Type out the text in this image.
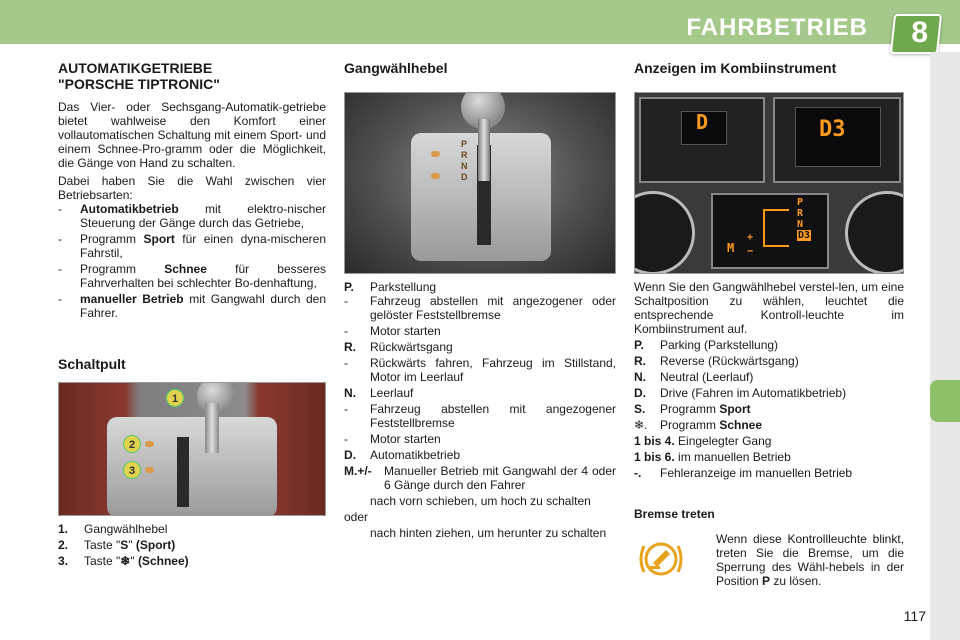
FAHRBETRIEB 8
AUTOMATIKGETRIEBE
"PORSCHE TIPTRONIC"

Das Vier- oder Sechsgang-Automatik-getriebe bietet wahlweise den Komfort einer vollautomatischen Schaltung mit einem Sport- und einem Schnee-Pro-gramm oder die Möglichkeit, die Gänge von Hand zu schalten.

Dabei haben Sie die Wahl zwischen vier Betriebsarten:

- Automatikbetrieb mit elektro-nischer Steuerung der Gänge durch das Getriebe,
- Programm Sport für einen dyna-mischeren Fahrstil,
- Programm Schnee für besseres Fahrverhalten bei schlechter Bo-denhaftung,
- manueller Betrieb mit Gangwahl durch den Fahrer.
Schaltpult
1
2
3
1. Gangwählhebel
2. Taste "S" (Sport)
3. Taste "❄" (Schnee)
Gangwählhebel
P
R
N
D
P. Parkstellung
- Fahrzeug abstellen mit angezogener oder gelöster Feststellbremse
- Motor starten
R. Rückwärtsgang
- Rückwärts fahren, Fahrzeug im Stillstand, Motor im Leerlauf
N. Leerlauf
- Fahrzeug abstellen mit angezogener Feststellbremse
- Motor starten
D. Automatikbetrieb
M.+/- Manueller Betrieb mit Gangwahl der 4 oder 6 Gänge durch den Fahrer
nach vorn schieben, um hoch zu schalten
oder
nach hinten ziehen, um herunter zu schalten
Anzeigen im Kombiinstrument
D	D3
M
+
−
P
R
N
D3

Wenn Sie den Gangwählhebel verstel-len, um eine Schaltposition zu wählen, leuchtet die entsprechende Kontroll-leuchte im Kombiinstrument auf.

P. Parking (Parkstellung)
R. Reverse (Rückwärtsgang)
N. Neutral (Leerlauf)
D. Drive (Fahren im Automatikbetrieb)
S. Programm Sport
❄. Programm Schnee
1 bis 4. Eingelegter Gang
1 bis 6. im manuellen Betrieb
-. Fehleranzeige im manuellen Betrieb
Bremse treten
Wenn diese Kontrollleuchte blinkt, treten Sie die Bremse, um die Sperrung des Wähl-hebels in der Position P zu lösen.
117
